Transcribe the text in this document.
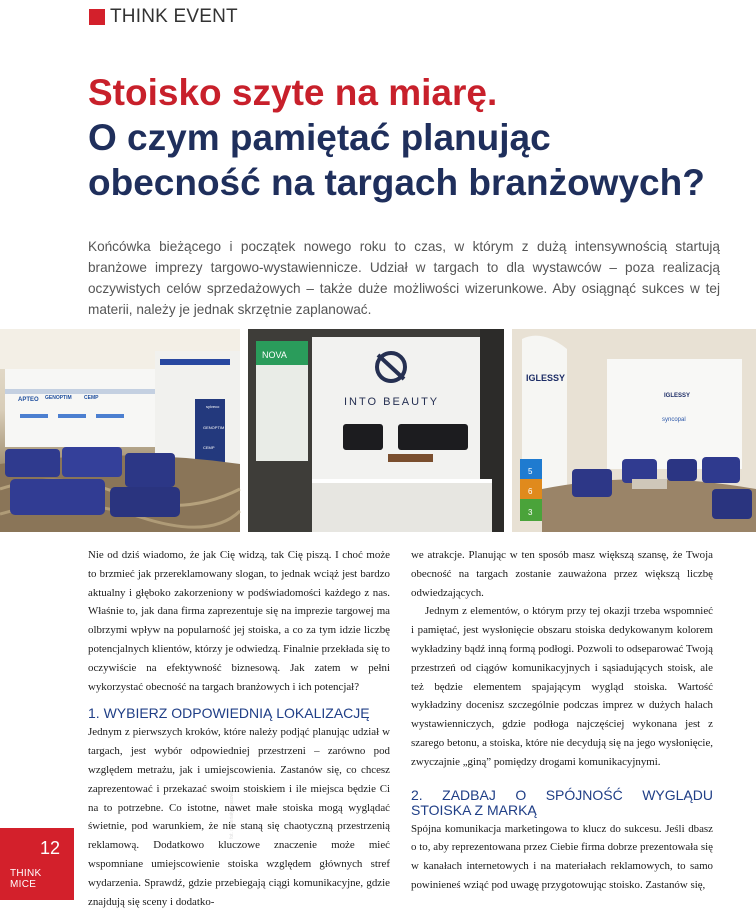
THINK EVENT
Stoisko szyte na miarę.
O czym pamiętać planując
obecność na targach branżowych?

Końcówka bieżącego i początek nowego roku to czas, w którym z dużą intensywnością startują branżowe imprezy targowo-wystawiennicze. Udział w targach to dla wystawców – poza realizacją oczywistych celów sprzedażowych – także duże możliwości wizerunkowe. Aby osiągnąć sukces w tej materii, należy je jednak skrzętnie zaplanować.

APTEO GENOPTIM CEMP
sylveco
GENOPTIM
CEMP
fot. materiały prasowe
NOVA
INTO BEAUTY
IGLESSY
IGLESSY
syncopal
5
6
3

Nie od dziś wiadomo, że jak Cię widzą, tak Cię piszą. I choć może to brzmieć jak przereklamowany slogan, to jednak wciąż jest bardzo aktualny i głęboko zakorzeniony w podświadomości każdego z nas. Właśnie to, jak dana firma zaprezentuje się na imprezie targowej ma olbrzymi wpływ na popularność jej stoiska, a co za tym idzie liczbę potencjalnych klientów, którzy je odwiedzą. Finalnie przekłada się to oczywiście na efektywność biznesową. Jak zatem w pełni wykorzystać obecność na targach branżowych i ich potencjał?

1. WYBIERZ ODPOWIEDNIĄ LOKALIZACJĘ

Jednym z pierwszych kroków, które należy podjąć planując udział w targach, jest wybór odpowiedniej przestrzeni – zarówno pod względem metrażu, jak i umiejscowienia. Zastanów się, co chcesz zaprezentować i przekazać swoim stoiskiem i ile miejsca będzie Ci na to potrzebne. Co istotne, nawet małe stoiska mogą wyglądać świetnie, pod warunkiem, że nie staną się chaotyczną przestrzenią reklamową. Dodatkowo kluczowe znaczenie może mieć wspomniane umiejscowienie stoiska względem głównych stref wydarzenia. Sprawdź, gdzie przebiegają ciągi komunikacyjne, gdzie znajdują się sceny i dodatko-

we atrakcje. Planując w ten sposób masz większą szansę, że Twoja obecność na targach zostanie zauważona przez większą liczbę odwiedzających.

Jednym z elementów, o którym przy tej okazji trzeba wspomnieć i pamiętać, jest wysłonięcie obszaru stoiska dedykowanym kolorem wykładziny bądź inną formą podłogi. Pozwoli to odseparować Twoją przestrzeń od ciągów komunikacyjnych i sąsiadujących stoisk, ale też będzie elementem spajającym wygląd stoiska. Wartość wykładziny docenisz szczególnie podczas imprez w dużych halach wystawienniczych, gdzie podłoga najczęściej wykonana jest z szarego betonu, a stoiska, które nie decydują się na jego wysłonięcie, zwyczajnie „giną” pomiędzy drogami komunikacyjnymi.

2. ZADBAJ O SPÓJNOŚĆ WYGLĄDU STOISKA Z MARKĄ

Spójna komunikacja marketingowa to klucz do sukcesu. Jeśli dbasz o to, aby reprezentowana przez Ciebie firma dobrze prezentowała się w kanałach internetowych i na materiałach reklamowych, to samo powinieneś wziąć pod uwagę przygotowując stoisko. Zastanów się,

12
THINK
MICE
